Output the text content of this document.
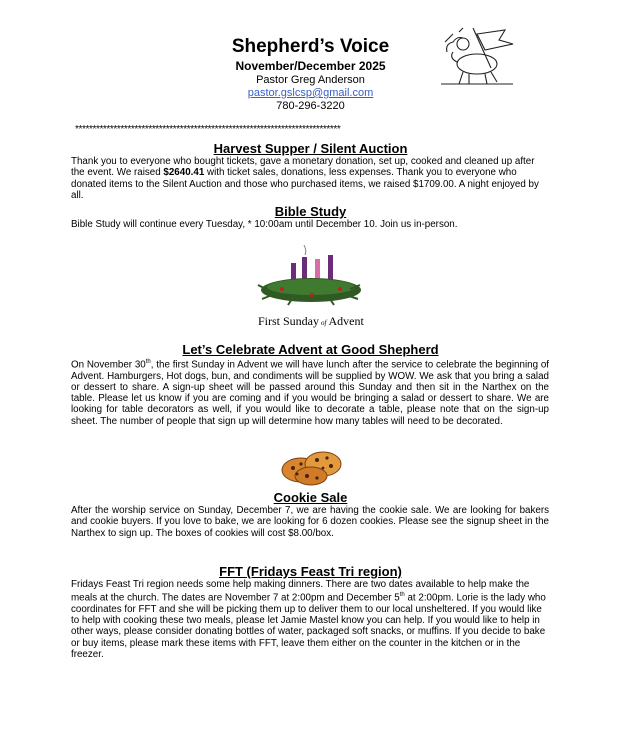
Shepherd’s Voice
November/December 2025
Pastor Greg Anderson
pastor.gslcsp@gmail.com
780-296-3220
****************************************************************************
Harvest Supper / Silent Auction
Thank you to everyone who bought tickets, gave a monetary donation, set up, cooked and cleaned up after the event. We raised $2640.41 with ticket sales, donations, less expenses. Thank you to everyone who donated items to the Silent Auction and those who purchased items, we raised $1709.00. A night enjoyed by all.
Bible Study
Bible Study will continue every Tuesday, * 10:00am until December 10. Join us in-person.
First Sunday of Advent
Let’s Celebrate Advent at Good Shepherd
On November 30th, the first Sunday in Advent we will have lunch after the service to celebrate the beginning of Advent. Hamburgers, Hot dogs, bun, and condiments will be supplied by WOW. We ask that you bring a salad or dessert to share. A sign-up sheet will be passed around this Sunday and then sit in the Narthex on the table. Please let us know if you are coming and if you would be bringing a salad or dessert to share. We are looking for table decorators as well, if you would like to decorate a table, please note that on the sign-up sheet. The number of people that sign up will determine how many tables will need to be decorated.
Cookie Sale
After the worship service on Sunday, December 7, we are having the cookie sale. We are looking for bakers and cookie buyers. If you love to bake, we are looking for 6 dozen cookies. Please see the signup sheet in the Narthex to sign up. The boxes of cookies will cost $8.00/box.
FFT (Fridays Feast Tri region)
Fridays Feast Tri region needs some help making dinners. There are two dates available to help make the meals at the church. The dates are November 7 at 2:00pm and December 5th at 2:00pm. Lorie is the lady who coordinates for FFT and she will be picking them up to deliver them to our local unsheltered. If you would like to help with cooking these two meals, please let Jamie Mastel know you can help. If you would like to help in other ways, please consider donating bottles of water, packaged soft snacks, or muffins. If you decide to bake or buy items, please mark these items with FFT, leave them either on the counter in the kitchen or in the freezer.
